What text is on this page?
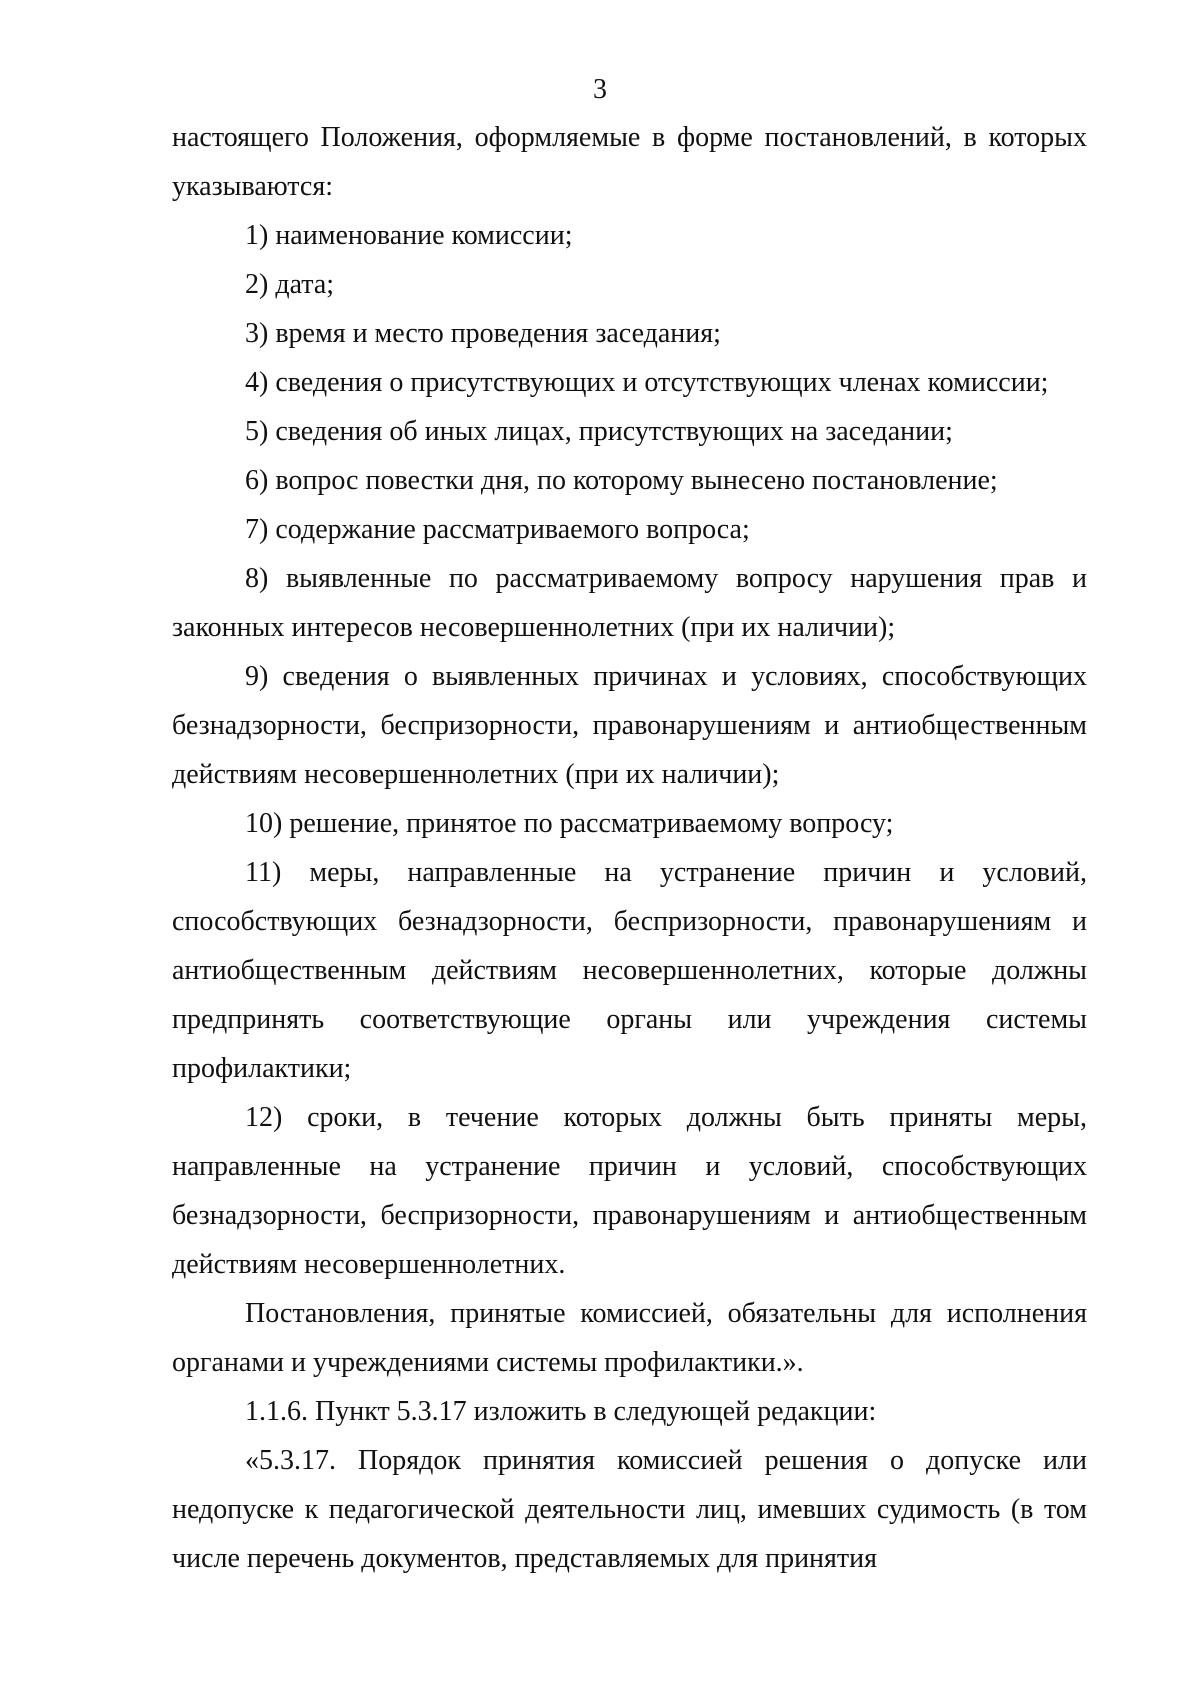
3

настоящего Положения, оформляемые в форме постановлений, в которых указываются:

1) наименование комиссии;

2) дата;

3) время и место проведения заседания;

4) сведения о присутствующих и отсутствующих членах комиссии;

5) сведения об иных лицах, присутствующих на заседании;

6) вопрос повестки дня, по которому вынесено постановление;

7) содержание рассматриваемого вопроса;

8) выявленные по рассматриваемому вопросу нарушения прав и законных интересов несовершеннолетних (при их наличии);

9) сведения о выявленных причинах и условиях, способствующих безнадзорности, беспризорности, правонарушениям и антиобщественным действиям несовершеннолетних (при их наличии);

10) решение, принятое по рассматриваемому вопросу;

11) меры, направленные на устранение причин и условий, способствующих безнадзорности, беспризорности, правонарушениям и антиобщественным действиям несовершеннолетних, которые должны предпринять соответствующие органы или учреждения системы профилактики;

12) сроки, в течение которых должны быть приняты меры, направленные на устранение причин и условий, способствующих безнадзорности, беспризорности, правонарушениям и антиобщественным действиям несовершеннолетних.

Постановления, принятые комиссией, обязательны для исполнения органами и учреждениями системы профилактики.».

1.1.6. Пункт 5.3.17 изложить в следующей редакции:

«5.3.17. Порядок принятия комиссией решения о допуске или недопуске к педагогической деятельности лиц, имевших судимость (в том числе перечень документов, представляемых для принятия
